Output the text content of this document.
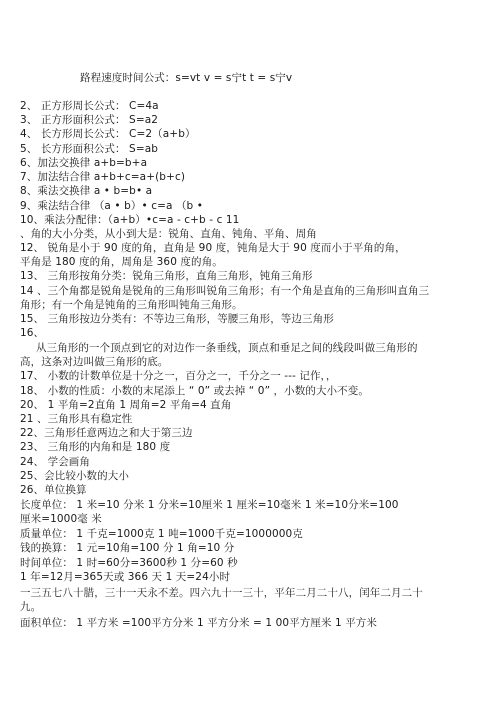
路程速度时间公式：s=vt v = s宁t t = s宁v
2、 正方形周长公式： C=4a
3、 正方形面积公式： S=a2
4、 长方形周长公式： C=2（a+b）
5、 长方形面积公式： S=ab
6、加法交换律 a+b=b+a
7、加法结合律 a+b+c=a+(b+c)
8、乘法交换律 a • b=b• a
9、乘法结合律 （a • b）• c=a （b •
10、乘法分配律：（a+b）•c=a - c+b - c 11
、角的大小分类，从小到大是：锐角、直角、钝角、平角、周角
12、 锐角是小于 90 度的角，直角是 90 度，钝角是大于 90 度而小于平角的角，
平角是 180 度的角，周角是 360 度的角。
13、 三角形按角分类：锐角三角形，直角三角形，钝角三角形
14 、三个角都是锐角是锐角的三角形叫锐角三角形；有一个角是直角的三角形叫直角三
角形；有一个角是钝角的三角形叫钝角三角形。
15、 三角形按边分类有：不等边三角形，等腰三角形，等边三角形
16、
从三角形的一个顶点到它的对边作一条垂线，顶点和垂足之间的线段叫做三角形的
高，这条对边叫做三角形的底。
17、 小数的计数单位是十分之一，百分之一，千分之一 --- 记作，，
18、 小数的性质：小数的末尾添上 “ 0” 或去掉 “ 0” ，小数的大小不变。
20、 1 平角=2直角 1 周角=2 平角=4 直角
21 、三角形具有稳定性
22、三角形任意两边之和大于第三边
23、 三角形的内角和是 180 度
24、 学会画角
25、会比较小数的大小
26、单位换算
长度单位： 1 米=10 分米 1 分米=10厘米 1 厘米=10毫米 1 米=10分米=100
厘米=1000毫 米
质量单位： 1 千克=1000克 1 吨=1000千克=1000000克
钱的换算： 1 元=10角=100 分 1 角=10 分
时间单位： 1 时=60分=3600秒 1 分=60 秒
1 年=12月=365天或 366 天 1 天=24小时
一三五七八十腊，三十一天永不差。四六九十一三十，平年二月二十八，闰年二月二十
九。
面积单位： 1 平方米 =100平方分米 1 平方分米 = 1 00平方厘米 1 平方米
